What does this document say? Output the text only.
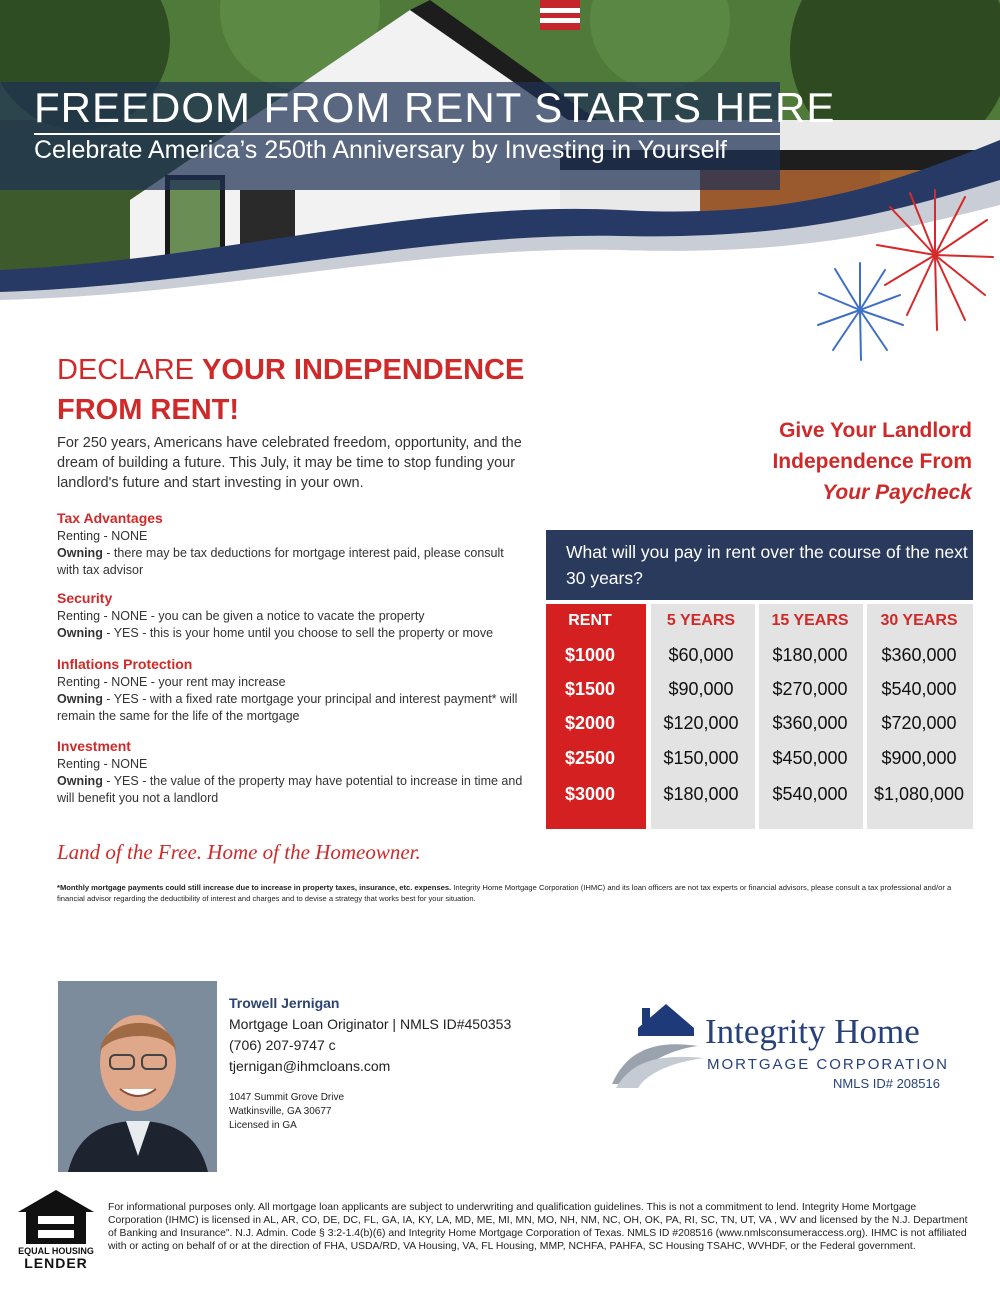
FREEDOM FROM RENT STARTS HERE
Celebrate America’s 250th Anniversary by Investing in Yourself
DECLARE YOUR INDEPENDENCE FROM RENT!
For 250 years, Americans have celebrated freedom, opportunity, and the dream of building a future. This July, it may be time to stop funding your landlord's future and start investing in your own.
Tax Advantages

Renting - NONE

Owning - there may be tax deductions for mortgage interest paid, please consult with tax advisor

Security

Renting - NONE - you can be given a notice to vacate the property

Owning - YES - this is your home until you choose to sell the property or move

Inflations Protection

Renting - NONE - your rent may increase

Owning - YES - with a fixed rate mortgage your principal and interest payment* will remain the same for the life of the mortgage

Investment

Renting - NONE

Owning - YES - the value of the property may have potential to increase in time and will benefit you not a landlord

Land of the Free. Home of the Homeowner.
*Monthly mortgage payments could still increase due to increase in property taxes, insurance, etc. expenses. Integrity Home Mortgage Corporation (IHMC) and its loan officers are not tax experts or financial advisors, please consult a tax professional and/or a financial advisor regarding the deductibility of interest and charges and to devise a strategy that works best for your situation.
Give Your Landlord
Independence From
Your Paycheck
What will you pay in rent over the course of the next 30 years?
RENT	5 YEARS 15 YEARS 30 YEARS
$1000	$60,000 $180,000 $360,000
$1500	$90,000 $270,000 $540,000
$2000	$120,000 $360,000 $720,000
$2500	$150,000 $450,000 $900,000
$3000	$180,000 $540,000 $1,080,000
Trowell Jernigan
Mortgage Loan Originator | NMLS ID#450353
(706) 207-9747 c
tjernigan@ihmcloans.com
1047 Summit Grove Drive
Watkinsville, GA 30677
Licensed in GA
Integrity Home
MORTGAGE CORPORATION
NMLS ID# 208516
EQUAL HOUSING
LENDER
For informational purposes only. All mortgage loan applicants are subject to underwriting and qualification guidelines. This is not a commitment to lend. Integrity Home Mortgage Corporation (IHMC) is licensed in AL, AR, CO, DE, DC, FL, GA, IA, KY, LA, MD, ME, MI, MN, MO, NH, NM, NC, OH, OK, PA, RI, SC, TN, UT, VA , WV and licensed by the N.J. Department of Banking and Insurance". N.J. Admin. Code § 3:2-1.4(b)(6) and Integrity Home Mortgage Corporation of Texas. NMLS ID #208516 (www.nmlsconsumeraccess.org). IHMC is not affiliated with or acting on behalf of or at the direction of FHA, USDA/RD, VA Housing, VA, FL Housing, MMP, NCHFA, PAHFA, SC Housing TSAHC, WVHDF, or the Federal government.
